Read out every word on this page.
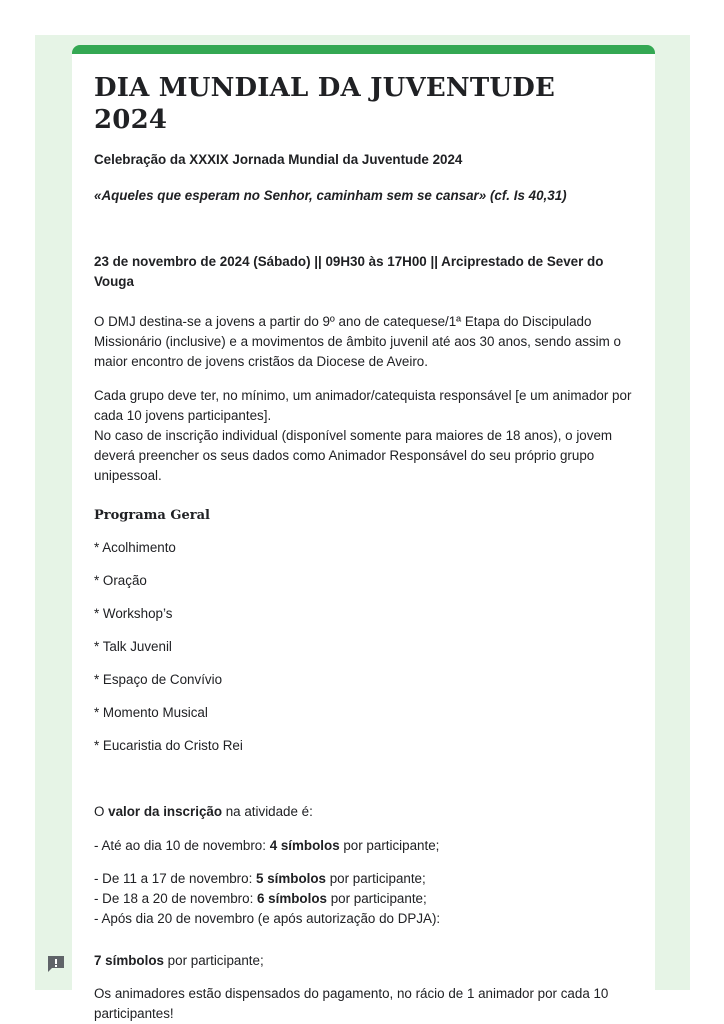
DIA MUNDIAL DA JUVENTUDE 2024

Celebração da XXXIX Jornada Mundial da Juventude 2024

«Aqueles que esperam no Senhor, caminham sem se cansar» (cf. Is 40,31)

23 de novembro de 2024 (Sábado) || 09H30 às 17H00 || Arciprestado de Sever do Vouga

O DMJ destina-se a jovens a partir do 9º ano de catequese/1ª Etapa do Discipulado Missionário (inclusive) e a movimentos de âmbito juvenil até aos 30 anos, sendo assim o maior encontro de jovens cristãos da Diocese de Aveiro.

Cada grupo deve ter, no mínimo, um animador/catequista responsável [e um animador por cada 10 jovens participantes].

No caso de inscrição individual (disponível somente para maiores de 18 anos), o jovem deverá preencher os seus dados como Animador Responsável do seu próprio grupo unipessoal.

Programa Geral

* Acolhimento

* Oração

* Workshop’s

* Talk Juvenil

* Espaço de Convívio

* Momento Musical

* Eucaristia do Cristo Rei

O valor da inscrição na atividade é:

- Até ao dia 10 de novembro: 4 símbolos por participante;

- De 11 a 17 de novembro: 5 símbolos por participante;

- De 18 a 20 de novembro: 6 símbolos por participante;

- Após dia 20 de novembro (e após autorização do DPJA):

7 símbolos por participante;

Os animadores estão dispensados do pagamento, no rácio de 1 animador por cada 10 participantes!
